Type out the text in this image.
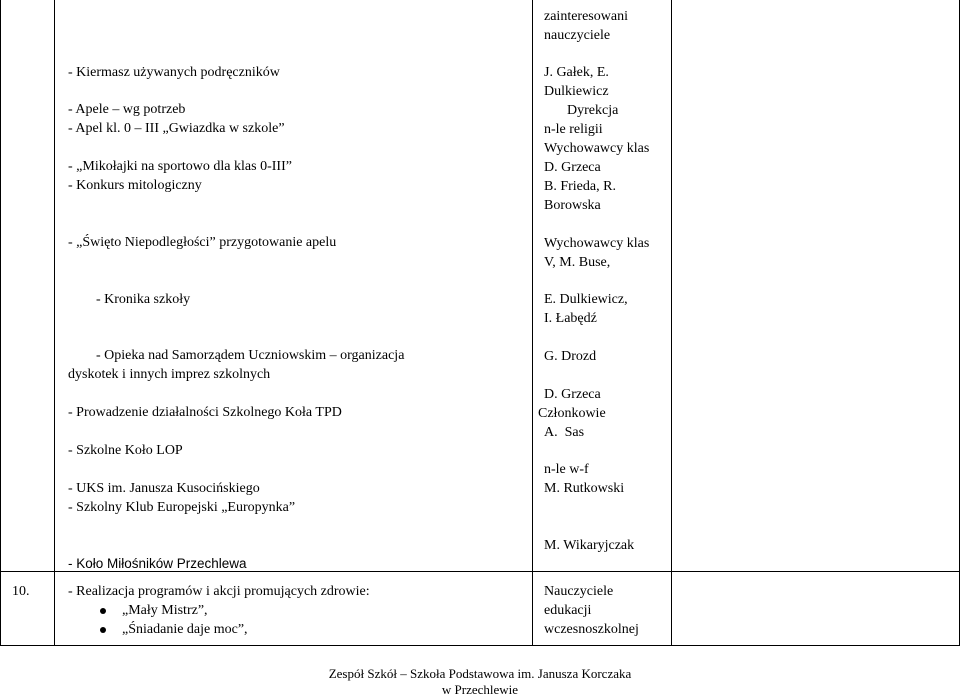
- Kiermasz używanych podręczników
- Apele – wg potrzeb
- Apel kl. 0 – III „Gwiazdka w szkole”
- „Mikołajki na sportowo dla klas 0-III”
- Konkurs mitologiczny
- „Święto Niepodległości” przygotowanie apelu
- Kronika szkoły
- Opieka nad Samorządem Uczniowskim – organizacja
dyskotek i innych imprez szkolnych
- Prowadzenie działalności Szkolnego Koła TPD
- Szkolne Koło LOP
- UKS im. Janusza Kusocińskiego
- Szkolny Klub Europejski „Europynka”
- Koło Miłośników Przechlewa
10.	- Realizacja programów i akcji promujących zdrowie:
„Mały Mistrz”,
„Śniadanie daje moc”,
zainteresowani
nauczyciele
J. Gałek, E.
Dulkiewicz
Dyrekcja
n-le religii
Wychowawcy klas
D. Grzeca
B. Frieda, R.
Borowska
Wychowawcy klas
V, M. Buse,
E. Dulkiewicz,
I. Łabędź
G. Drozd
D. Grzeca
Członkowie
A.  Sas
n-le w-f
M. Rutkowski
M. Wikaryjczak
Nauczyciele
edukacji
wczesnoszkolnej
Zespół Szkół – Szkoła Podstawowa im. Janusza Korczaka
w Przechlewie
